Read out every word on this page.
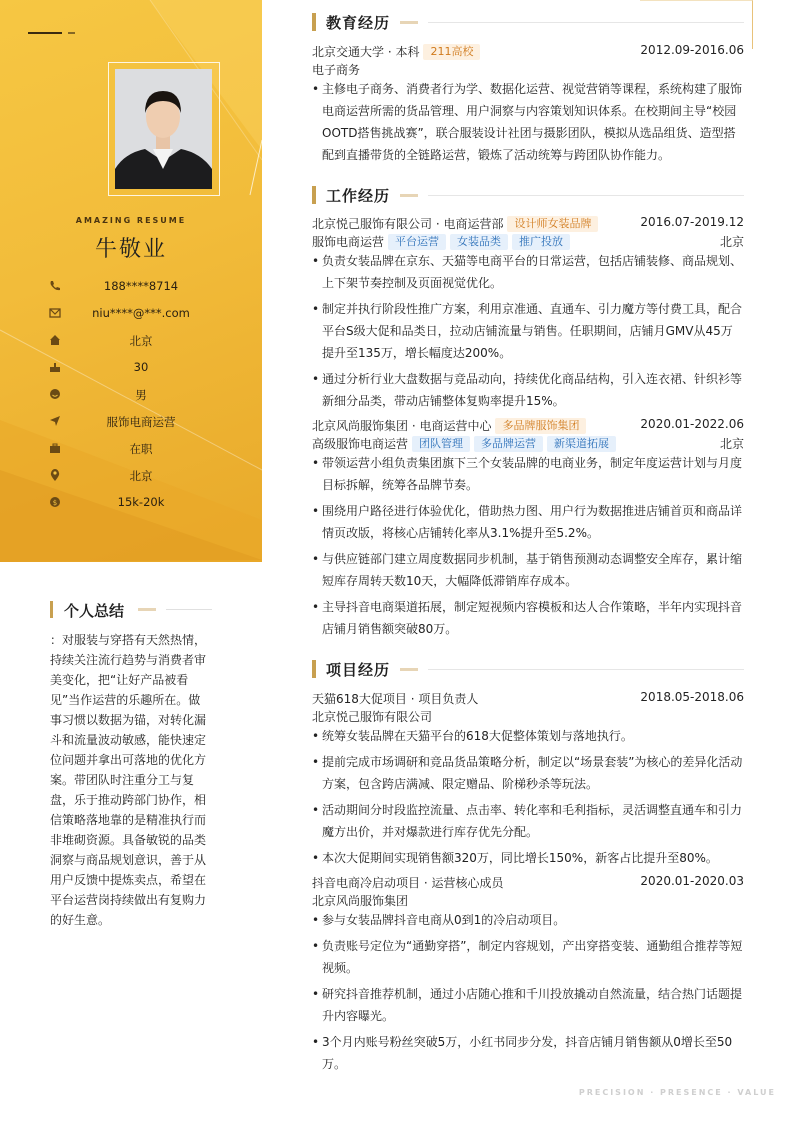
AMAZING RESUME
牛敬业
188****8714
niu****@***.com
北京
30
男
服饰电商运营
在职
北京
$	15k-20k
个人总结
：对服装与穿搭有天然热情，持续关注流行趋势与消费者审美变化，把“让好产品被看见”当作运营的乐趣所在。做事习惯以数据为锚，对转化漏斗和流量波动敏感，能快速定位问题并拿出可落地的优化方案。带团队时注重分工与复盘，乐于推动跨部门协作，相信策略落地靠的是精准执行而非堆砌资源。具备敏锐的品类洞察与商品规划意识，善于从用户反馈中提炼卖点，希望在平台运营岗持续做出有复购力的好生意。
教育经历
北京交通大学 · 本科 211高校	2012.09-2016.06
电子商务
• 主修电子商务、消费者行为学、数据化运营、视觉营销等课程，系统构建了服饰电商运营所需的货品管理、用户洞察与内容策划知识体系。在校期间主导“校园OOTD搭售挑战赛”，联合服装设计社团与摄影团队，模拟从选品组货、造型搭配到直播带货的全链路运营，锻炼了活动统筹与跨团队协作能力。
工作经历
北京悦己服饰有限公司 · 电商运营部 设计师女装品牌	2016.07-2019.12
服饰电商运营 平台运营 女装品类 推广投放	北京
• 负责女装品牌在京东、天猫等电商平台的日常运营，包括店铺装修、商品规划、上下架节奏控制及页面视觉优化。
• 制定并执行阶段性推广方案，利用京准通、直通车、引力魔方等付费工具，配合平台S级大促和品类日，拉动店铺流量与销售。任职期间，店铺月GMV从45万提升至135万，增长幅度达200%。
• 通过分析行业大盘数据与竞品动向，持续优化商品结构，引入连衣裙、针织衫等新细分品类，带动店铺整体复购率提升15%。
北京风尚服饰集团 · 电商运营中心 多品牌服饰集团	2020.01-2022.06
高级服饰电商运营 团队管理 多品牌运营 新渠道拓展	北京
• 带领运营小组负责集团旗下三个女装品牌的电商业务，制定年度运营计划与月度目标拆解，统筹各品牌节奏。
• 围绕用户路径进行体验优化，借助热力图、用户行为数据推进店铺首页和商品详情页改版，将核心店铺转化率从3.1%提升至5.2%。
• 与供应链部门建立周度数据同步机制，基于销售预测动态调整安全库存，累计缩短库存周转天数10天，大幅降低滞销库存成本。
• 主导抖音电商渠道拓展，制定短视频内容模板和达人合作策略，半年内实现抖音店铺月销售额突破80万。
项目经历
天猫618大促项目 · 项目负责人	2018.05-2018.06
北京悦己服饰有限公司
• 统筹女装品牌在天猫平台的618大促整体策划与落地执行。
• 提前完成市场调研和竞品货品策略分析，制定以“场景套装”为核心的差异化活动方案，包含跨店满减、限定赠品、阶梯秒杀等玩法。
• 活动期间分时段监控流量、点击率、转化率和毛利指标，灵活调整直通车和引力魔方出价，并对爆款进行库存优先分配。
• 本次大促期间实现销售额320万，同比增长150%，新客占比提升至80%。
抖音电商冷启动项目 · 运营核心成员	2020.01-2020.03
北京风尚服饰集团
• 参与女装品牌抖音电商从0到1的冷启动项目。
• 负责账号定位为“通勤穿搭”，制定内容规划，产出穿搭变装、通勤组合推荐等短视频。
• 研究抖音推荐机制，通过小店随心推和千川投放撬动自然流量，结合热门话题提升内容曝光。
• 3个月内账号粉丝突破5万，小红书同步分发，抖音店铺月销售额从0增长至50万。
PRECISION · PRESENCE · VALUE
